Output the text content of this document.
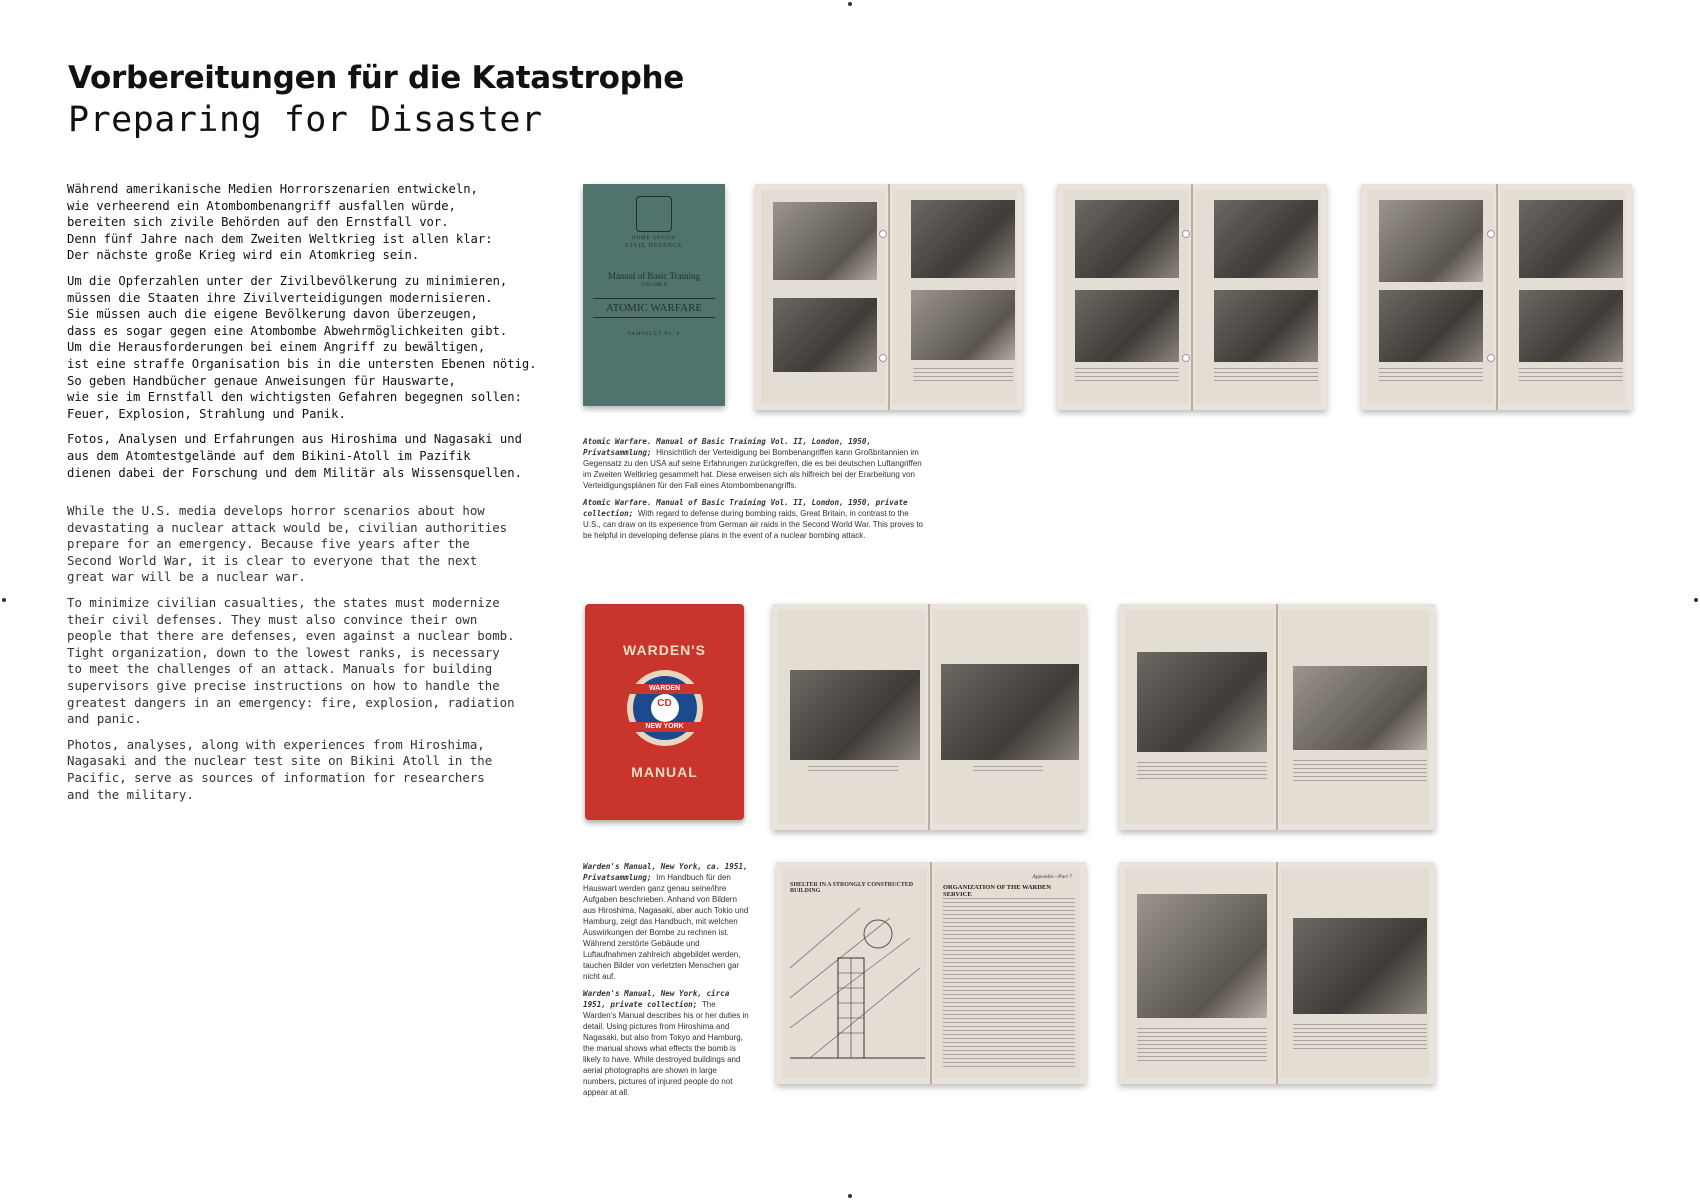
Vorbereitungen für die Katastrophe
Preparing for Disaster

Während amerikanische Medien Horrorszenarien entwickeln,
wie verheerend ein Atombombenangriff ausfallen würde,
bereiten sich zivile Behörden auf den Ernstfall vor.
Denn fünf Jahre nach dem Zweiten Weltkrieg ist allen klar:
Der nächste große Krieg wird ein Atomkrieg sein.

Um die Opferzahlen unter der Zivilbevölkerung zu minimieren,
müssen die Staaten ihre Zivilverteidigungen modernisieren.
Sie müssen auch die eigene Bevölkerung davon überzeugen,
dass es sogar gegen eine Atombombe Abwehrmöglichkeiten gibt.
Um die Herausforderungen bei einem Angriff zu bewältigen,
ist eine straffe Organisation bis in die untersten Ebenen nötig.
So geben Handbücher genaue Anweisungen für Hauswarte,
wie sie im Ernstfall den wichtigsten Gefahren begegnen sollen:
Feuer, Explosion, Strahlung und Panik.

Fotos, Analysen und Erfahrungen aus Hiroshima und Nagasaki und
aus dem Atomtestgelände auf dem Bikini-Atoll im Pazifik
dienen dabei der Forschung und dem Militär als Wissensquellen.

While the U.S. media develops horror scenarios about how
devastating a nuclear attack would be, civilian authorities
prepare for an emergency. Because five years after the
Second World War, it is clear to everyone that the next
great war will be a nuclear war.

To minimize civilian casualties, the states must modernize
their civil defenses. They must also convince their own
people that there are defenses, even against a nuclear bomb.
Tight organization, down to the lowest ranks, is necessary
to meet the challenges of an attack. Manuals for building
supervisors give precise instructions on how to handle the
greatest dangers in an emergency: fire, explosion, radiation
and panic.

Photos, analyses, along with experiences from Hiroshima,
Nagasaki and the nuclear test site on Bikini Atoll in the
Pacific, serve as sources of information for researchers
and the military.

HOME OFFICE
CIVIL DEFENCE
Manual of Basic Training
VOLUME II
ATOMIC WARFARE
PAMPHLET No. 6

Atomic Warfare. Manual of Basic Training Vol. II, London, 1950, Privatsammlung; Hinsichtlich der Verteidigung bei Bombenangriffen kann Großbritannien im Gegensatz zu den USA auf seine Erfahrungen zurückgreifen, die es bei deutschen Luftangriffen im Zweiten Weltkrieg gesammelt hat. Diese erweisen sich als hilfreich bei der Erarbeitung von Verteidigungsplänen für den Fall eines Atombombenangriffs.

Atomic Warfare. Manual of Basic Training Vol. II, London, 1950, private collection; With regard to defense during bombing raids, Great Britain, in contrast to the U.S., can draw on its experience from German air raids in the Second World War. This proves to be helpful in developing defense plans in the event of a nuclear bombing attack.

WARDEN'S
CD
WARDEN
NEW YORK
MANUAL
SHELTER IN A STRONGLY CONSTRUCTED BUILDING
Appendix—Part 7
ORGANIZATION OF THE WARDEN SERVICE

Warden's Manual, New York, ca. 1951, Privatsammlung; Im Handbuch für den Hauswart werden ganz genau seine/ihre Aufgaben beschrieben. Anhand von Bildern aus Hiroshima, Nagasaki, aber auch Tokio und Hamburg, zeigt das Handbuch, mit welchen Auswirkungen der Bombe zu rechnen ist. Während zerstörte Gebäude und Luftaufnahmen zahlreich abgebildet werden, tauchen Bilder von verletzten Menschen gar nicht auf.

Warden's Manual, New York, circa 1951, private collection; The Warden's Manual describes his or her duties in detail. Using pictures from Hiroshima and Nagasaki, but also from Tokyo and Hamburg, the manual shows what effects the bomb is likely to have. While destroyed buildings and aerial photographs are shown in large numbers, pictures of injured people do not appear at all.
